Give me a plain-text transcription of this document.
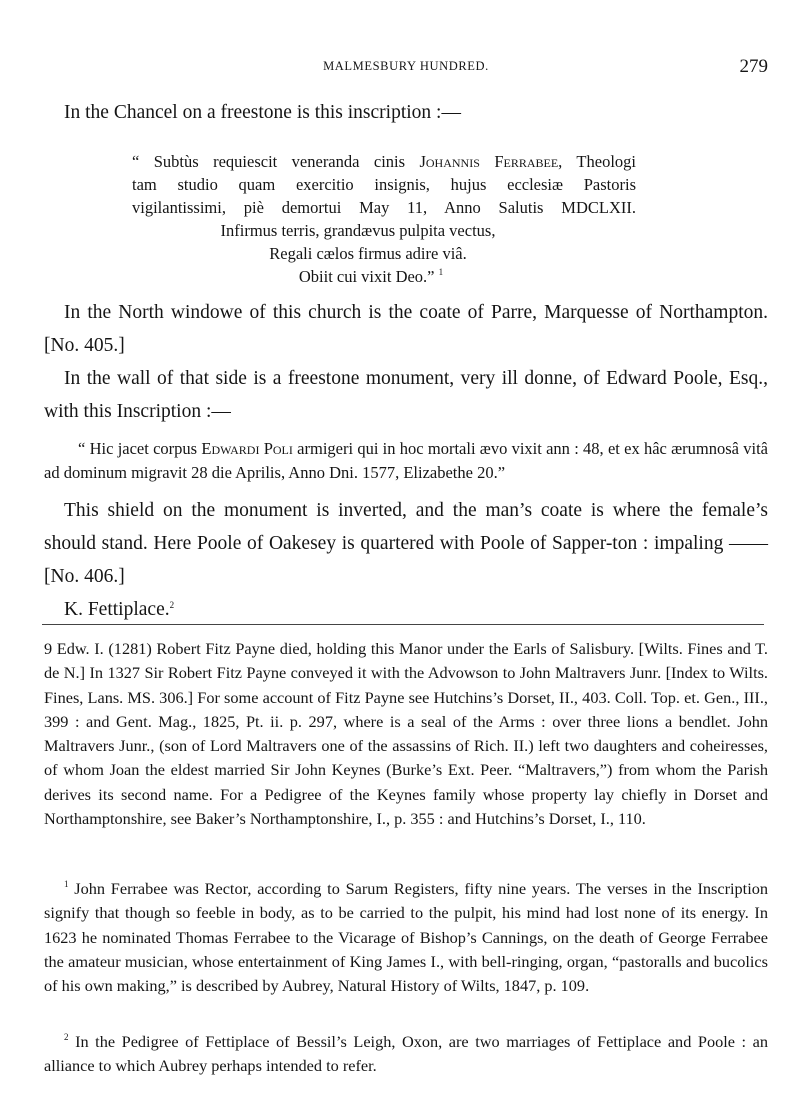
MALMESBURY HUNDRED.	279

In the Chancel on a freestone is this inscription :—

“ Subtùs requiescit veneranda cinis Johannis Ferrabee, Theologi
tam studio quam exercitio insignis, hujus ecclesiæ Pastoris
vigilantissimi, piè demortui May 11, Anno Salutis MDCLXII.
Infirmus terris, grandævus pulpita vectus,
Regali cælos firmus adire viâ.
Obiit cui vixit Deo.” $^1$

In the North windowe of this church is the coate of Parre, Marquesse of Northampton. [No. 405.]

In the wall of that side is a freestone monument, very ill donne, of Edward Poole, Esq., with this Inscription :—

“ Hic jacet corpus Edwardi Poli armigeri qui in hoc mortali ævo vixit ann : 48, et ex hâc ærumnosâ vitâ ad dominum migravit 28 die Aprilis, Anno Dni. 1577, Elizabethe 20.”

This shield on the monument is inverted, and the man’s coate is where the female’s should stand. Here Poole of Oakesey is quartered with Poole of Sapper-ton : impaling —— [No. 406.]

K. Fettiplace.$^2$

9 Edw. I. (1281) Robert Fitz Payne died, holding this Manor under the Earls of Salisbury. [Wilts. Fines and T. de N.] In 1327 Sir Robert Fitz Payne conveyed it with the Advowson to John Maltravers Junr. [Index to Wilts. Fines, Lans. MS. 306.] For some account of Fitz Payne see Hutchins’s Dorset, II., 403. Coll. Top. et. Gen., III., 399 : and Gent. Mag., 1825, Pt. ii. p. 297, where is a seal of the Arms : over three lions a bendlet. John Maltravers Junr., (son of Lord Maltravers one of the assassins of Rich. II.) left two daughters and coheiresses, of whom Joan the eldest married Sir John Keynes (Burke’s Ext. Peer. “Maltravers,”) from whom the Parish derives its second name. For a Pedigree of the Keynes family whose property lay chiefly in Dorset and Northamptonshire, see Baker’s Northamptonshire, I., p. 355 : and Hutchins’s Dorset, I., 110.

$^1$ John Ferrabee was Rector, according to Sarum Registers, fifty nine years. The verses in the Inscription signify that though so feeble in body, as to be carried to the pulpit, his mind had lost none of its energy. In 1623 he nominated Thomas Ferrabee to the Vicarage of Bishop’s Cannings, on the death of George Ferrabee the amateur musician, whose entertainment of King James I., with bell-ringing, organ, “pastoralls and bucolics of his own making,” is described by Aubrey, Natural History of Wilts, 1847, p. 109.

$^2$ In the Pedigree of Fettiplace of Bessil’s Leigh, Oxon, are two marriages of Fettiplace and Poole : an alliance to which Aubrey perhaps intended to refer.
